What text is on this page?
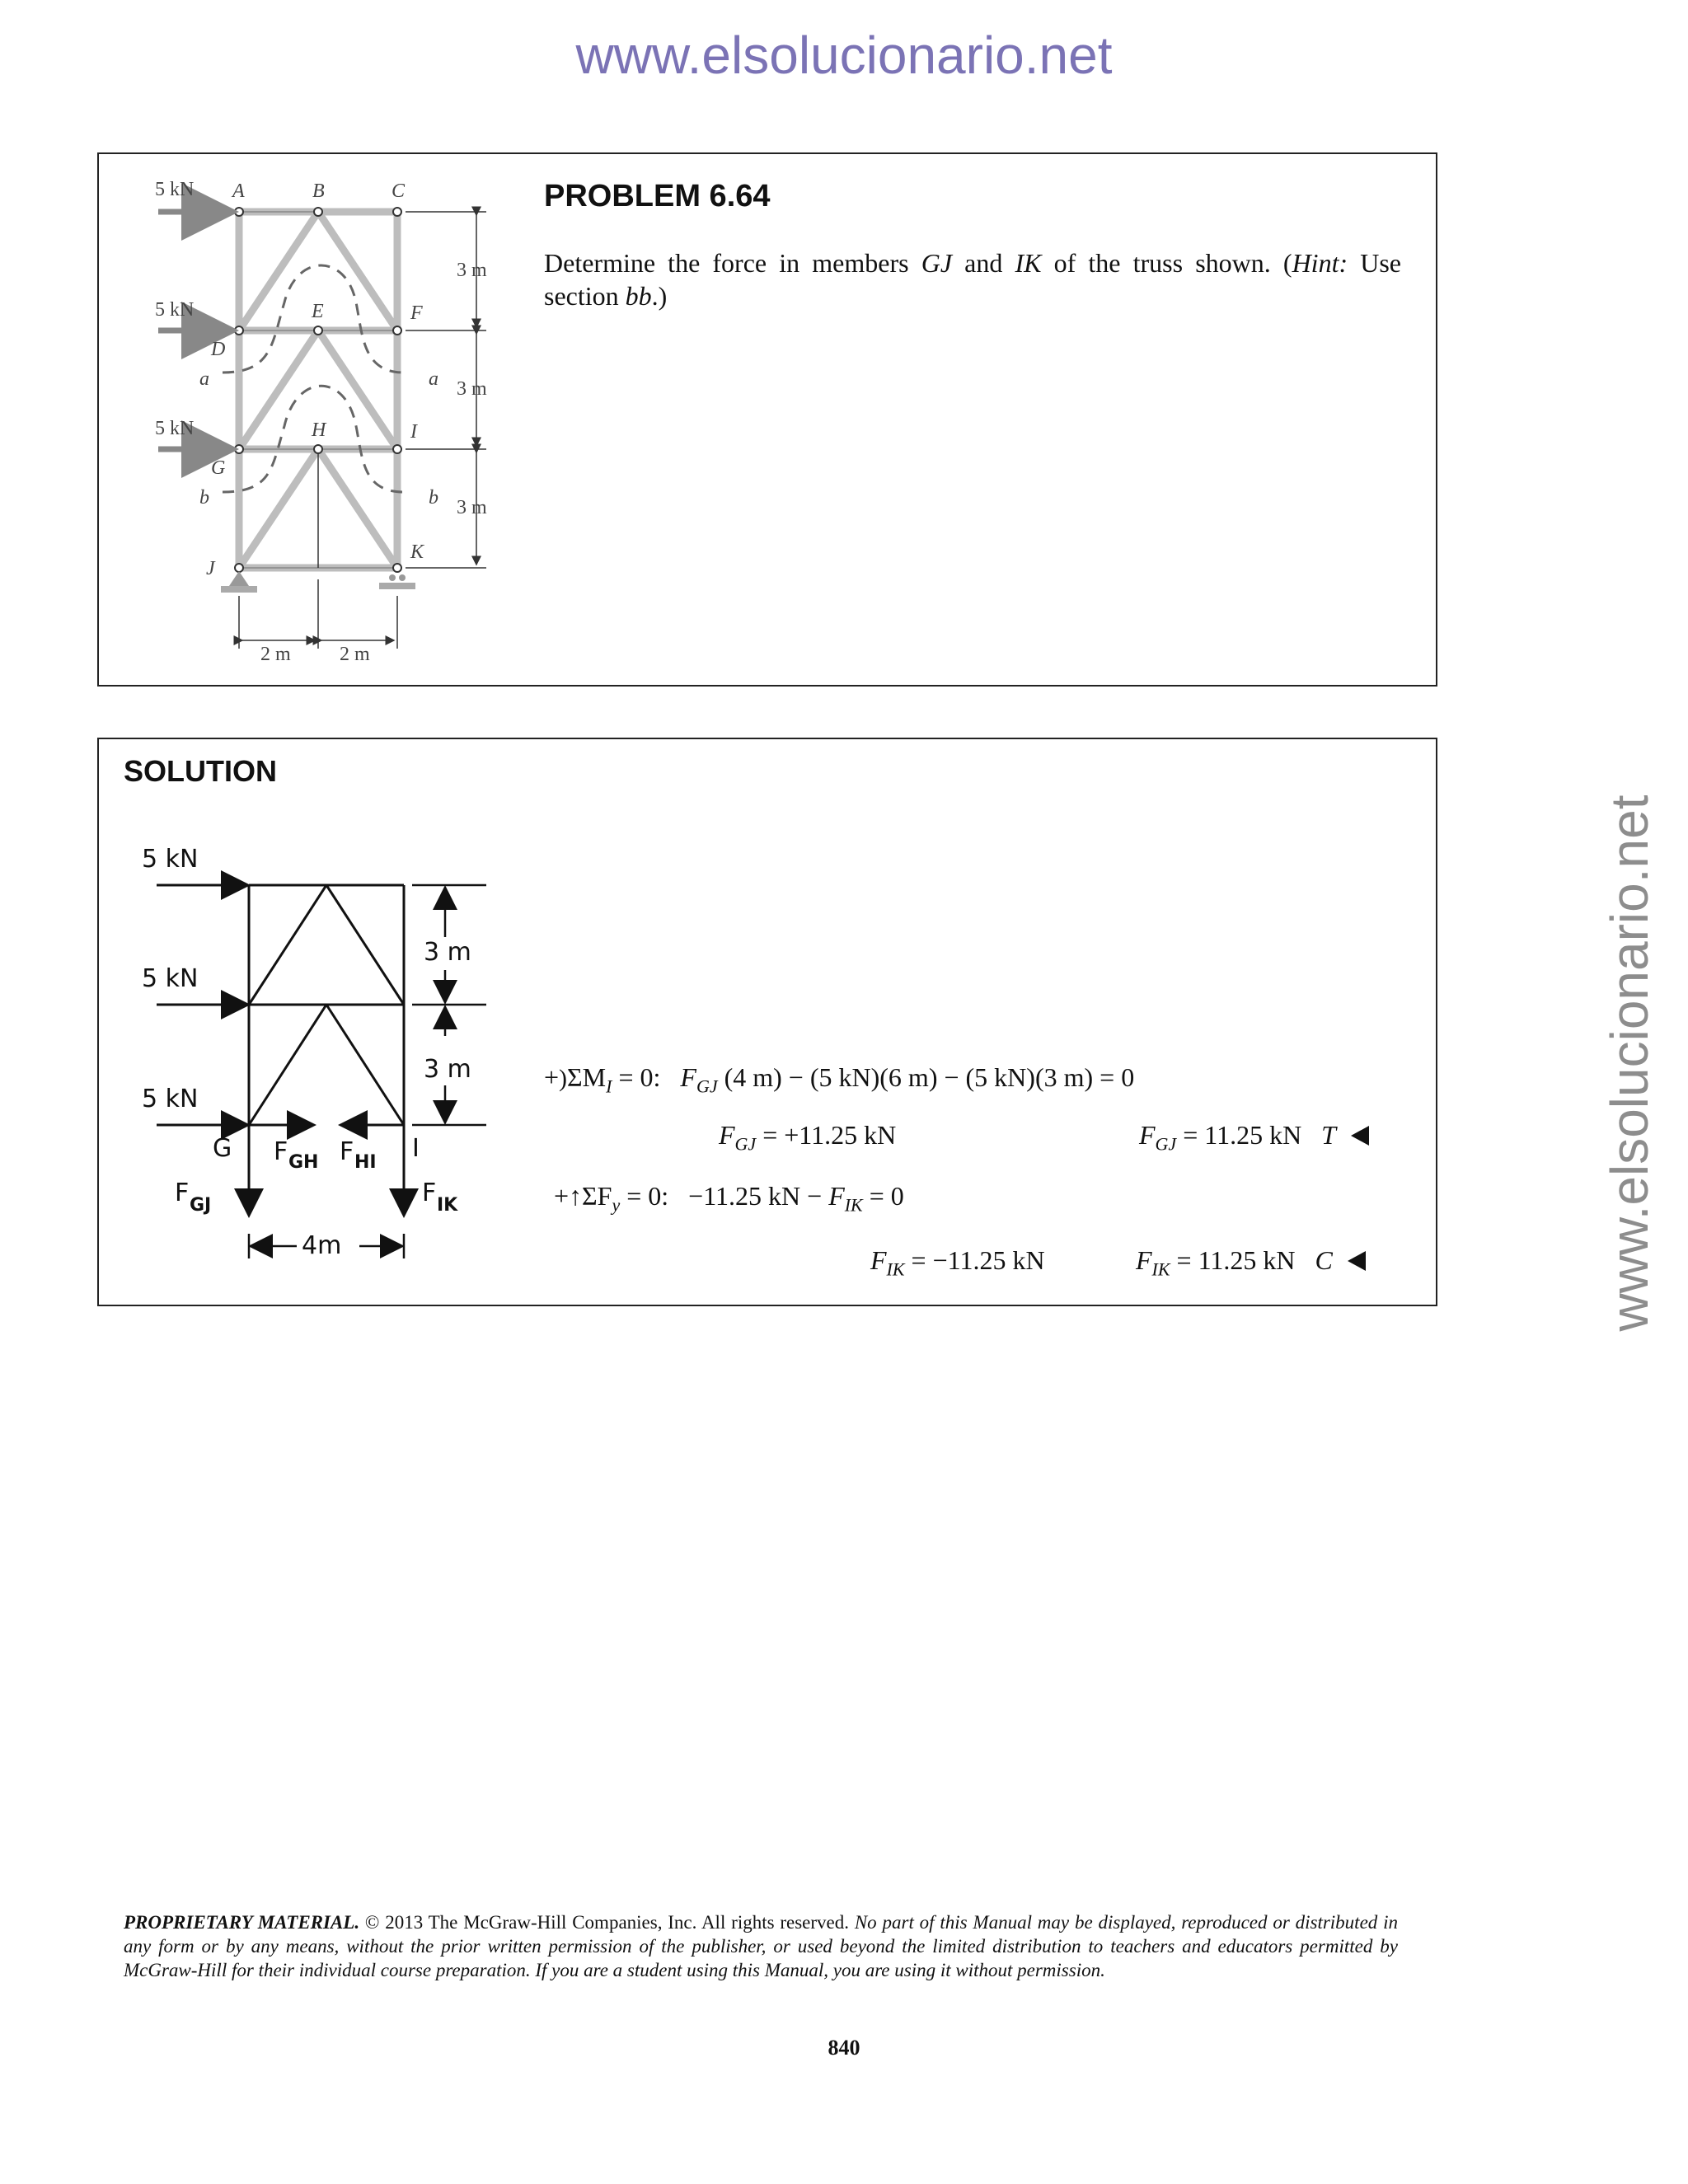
www.elsolucionario.net
www.elsolucionario.net
5 kN
5 kN
5 kN
A	B	C
D
E	F
G
H	I
J
K
a	a
b	b
3 m
3 m
3 m
2 m 2 m
PROBLEM 6.64
Determine the force in members GJ and IK of the truss shown. (Hint: Use section bb.)
SOLUTION
5 kN
5 kN
5 kN
3 m
3 m
4m
G	I
F GH F HI
F GJ	F IK
$+)\Sigma M_I = 0$: $F_{GJ}$ (4 m) − (5 kN)(6 m) − (5 kN)(3 m) = 0
$F_{GJ} = +11.25$ kN	$F_{GJ} = 11.25$ kN T
$+↑\Sigma F_y = 0$: −11.25 kN − $F_{IK} = 0$
$F_{IK} = -11.25$ kN	$F_{IK} = 11.25$ kN C
PROPRIETARY MATERIAL. © 2013 The McGraw-Hill Companies, Inc. All rights reserved. No part of this Manual may be displayed, reproduced or distributed in any form or by any means, without the prior written permission of the publisher, or used beyond the limited distribution to teachers and educators permitted by McGraw-Hill for their individual course preparation. If you are a student using this Manual, you are using it without permission.
840
